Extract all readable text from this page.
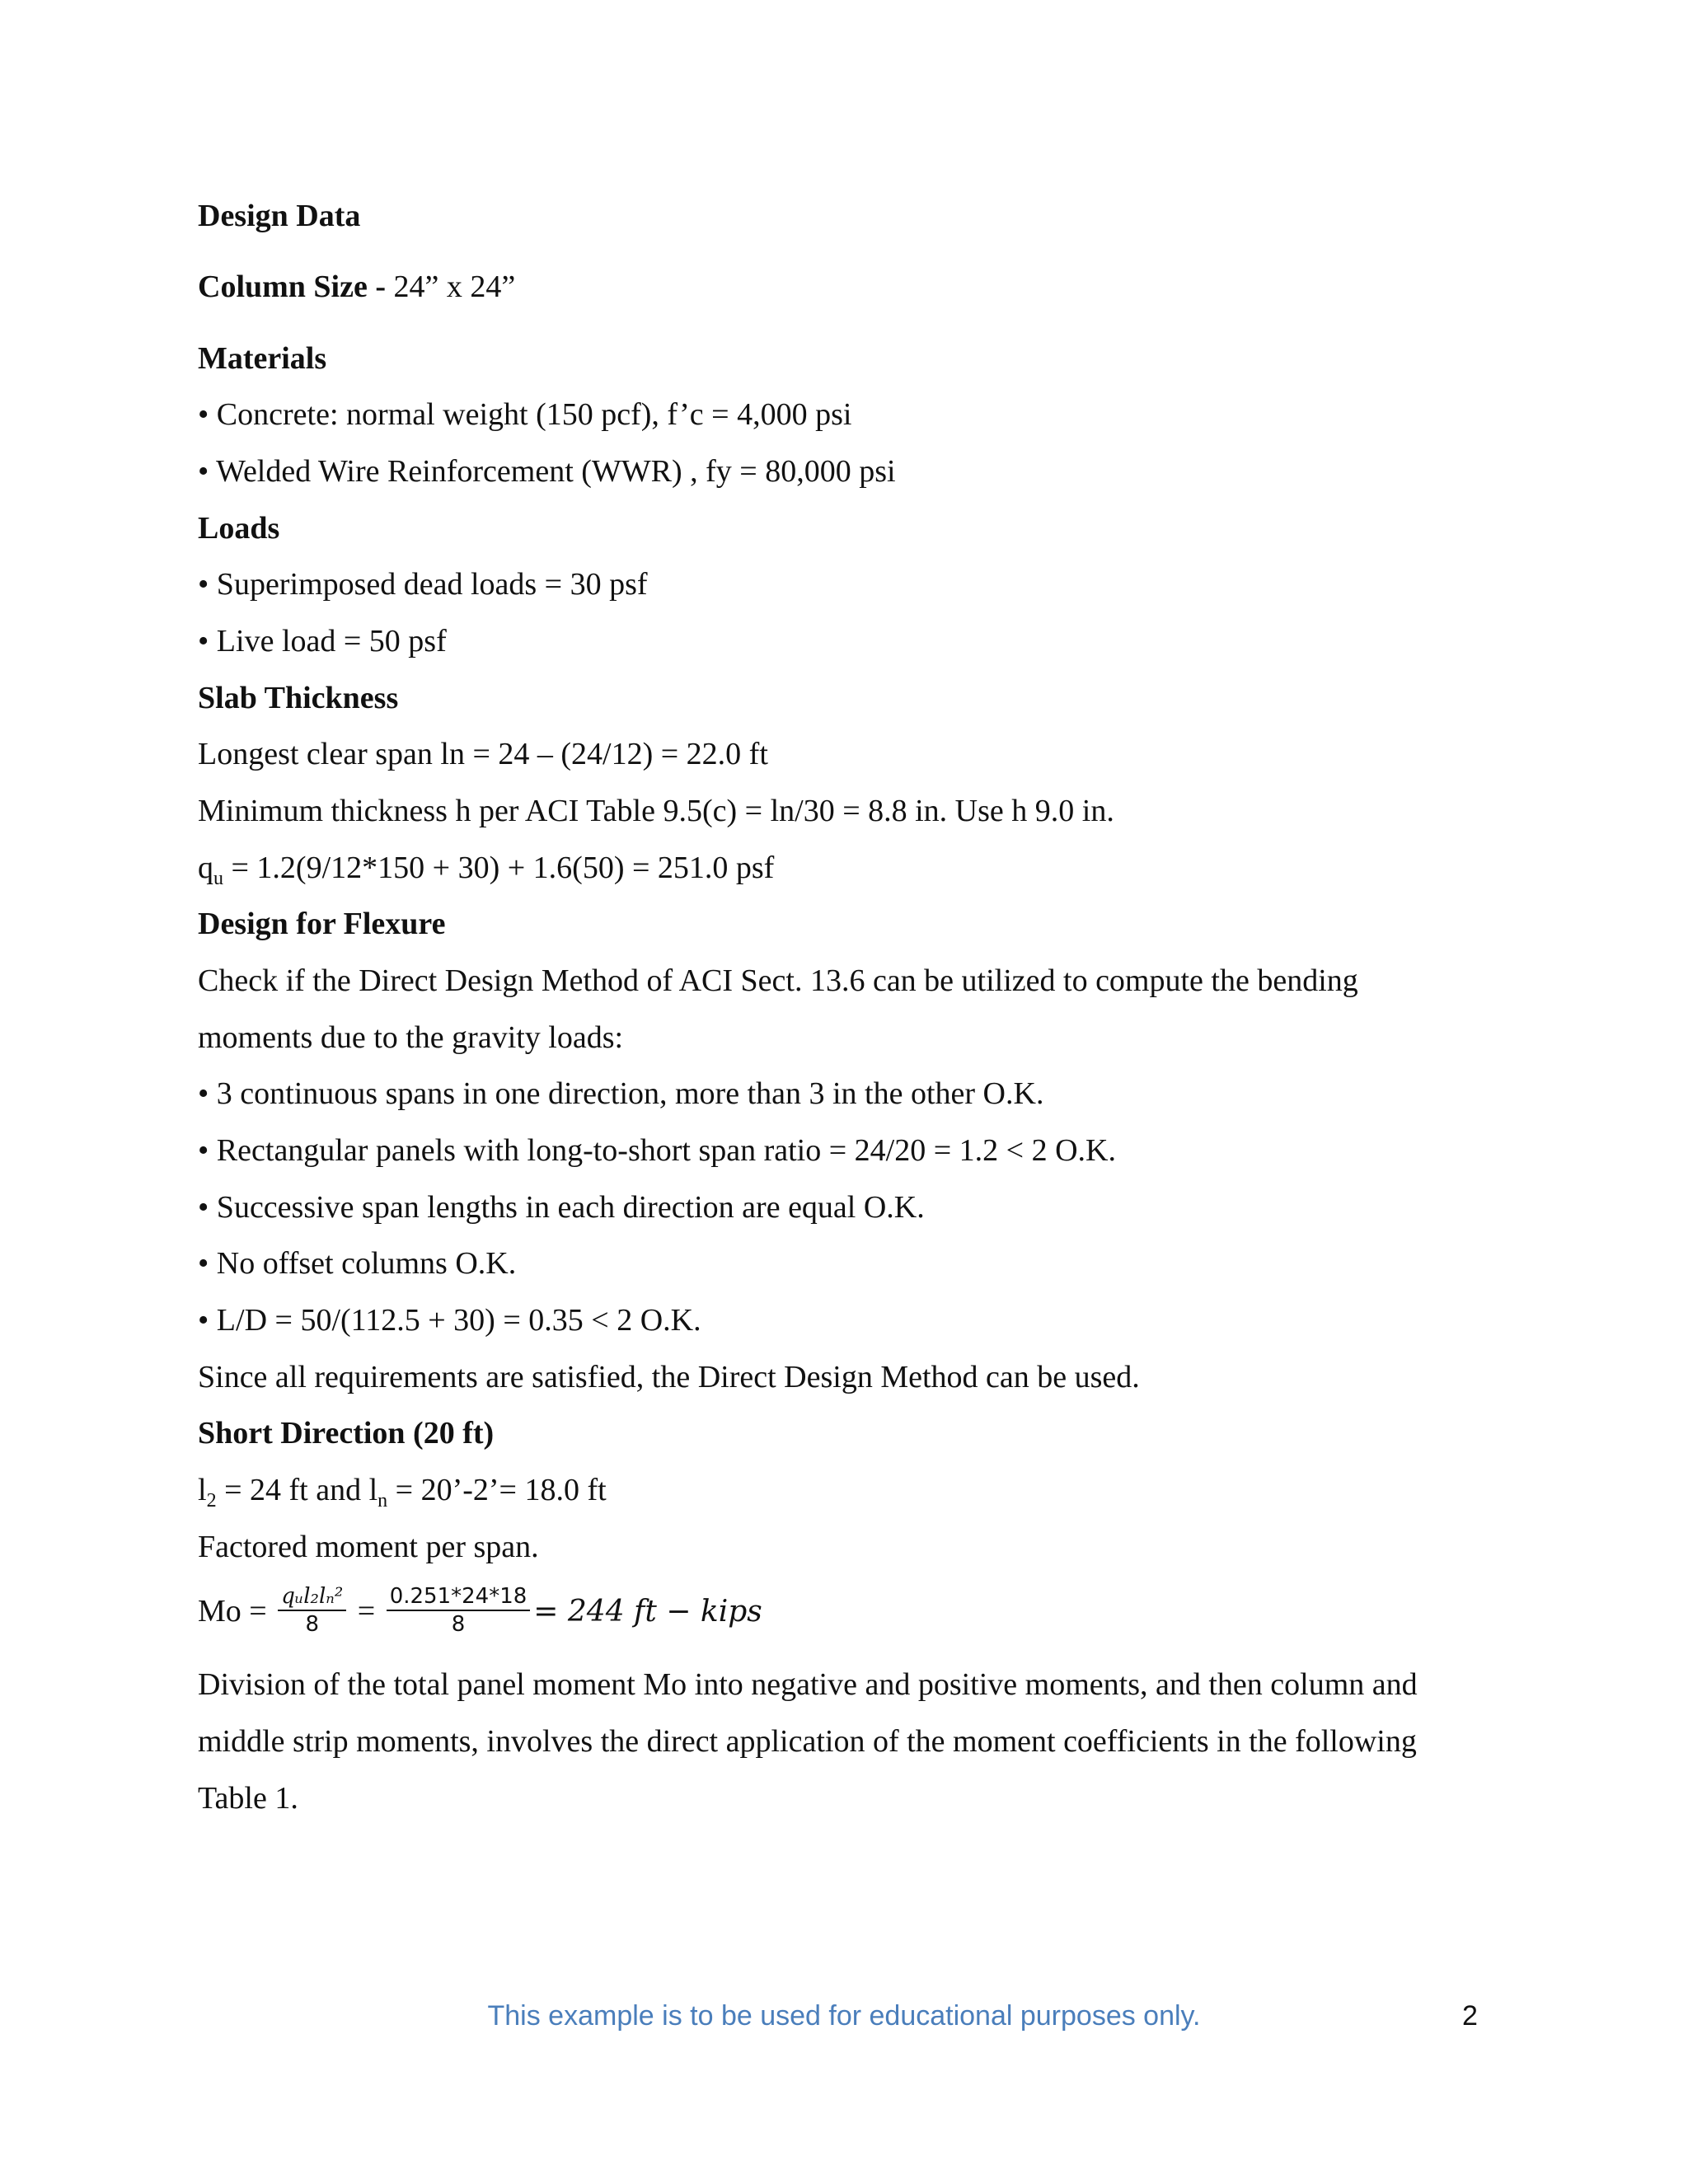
Design Data
Column Size - 24” x 24”
Materials
• Concrete: normal weight (150 pcf), f’c = 4,000 psi
• Welded Wire Reinforcement (WWR) , fy = 80,000 psi
Loads
• Superimposed dead loads = 30 psf
• Live load = 50 psf
Slab Thickness
Longest clear span ln = 24 – (24/12) = 22.0 ft
Minimum thickness h per ACI Table 9.5(c) = ln/30 = 8.8 in. Use h 9.0 in.
$q_u = 1.2(9/12*150 + 30) + 1.6(50) = 251.0$ psf
Design for Flexure
Check if the Direct Design Method of ACI Sect. 13.6 can be utilized to compute the bending
moments due to the gravity loads:
• 3 continuous spans in one direction, more than 3 in the other O.K.
• Rectangular panels with long-to-short span ratio = 24/20 = 1.2 < 2 O.K.
• Successive span lengths in each direction are equal O.K.
• No offset columns O.K.
• L/D = 50/(112.5 + 30) = 0.35 < 2 O.K.
Since all requirements are satisfied, the Direct Design Method can be used.
Short Direction (20 ft)
$l_2 = 24$ ft and $l_n$ = 20’-2’= 18.0 ft
Factored moment per span.
$Mo = \frac{\text{qᵤl₂lₙ²}}{8} = \frac{0.251*24*18}{8} = 244$ ft − kips
Division of the total panel moment Mo into negative and positive moments, and then column and
middle strip moments, involves the direct application of the moment coefficients in the following
Table 1.
This example is to be used for educational purposes only.	2
